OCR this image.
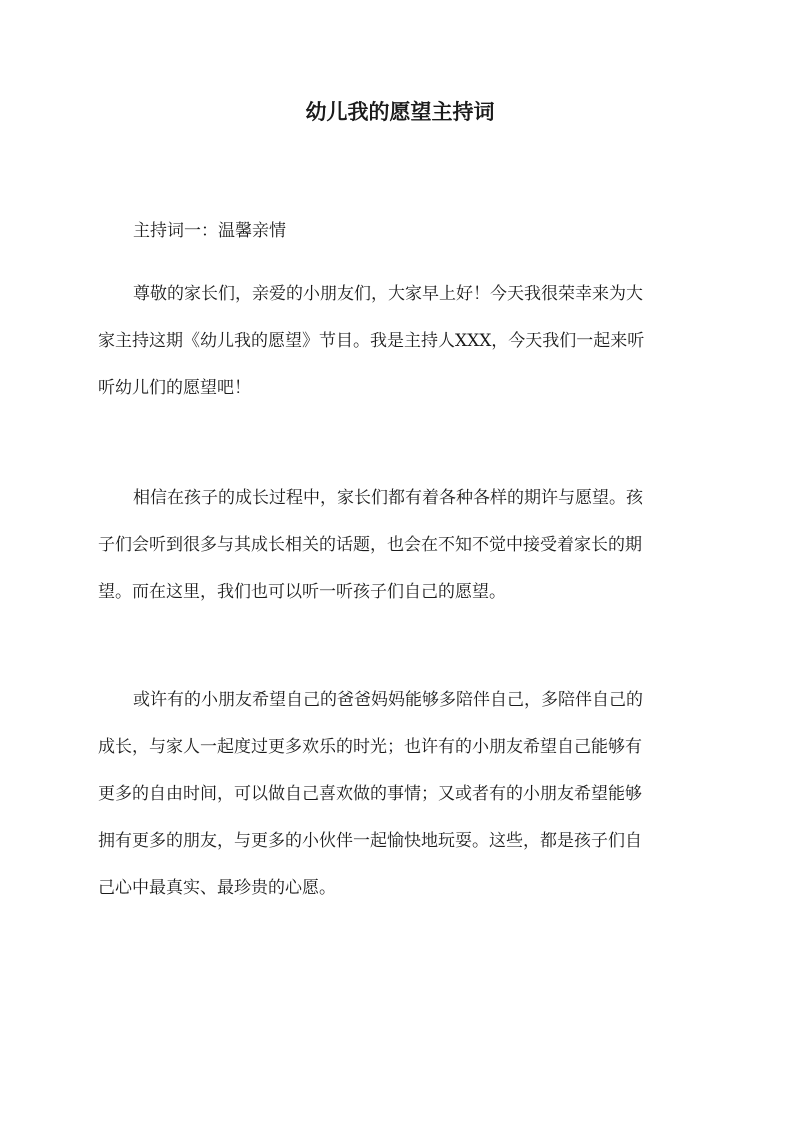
幼儿我的愿望主持词

主持词一：温馨亲情

尊敬的家长们，亲爱的小朋友们，大家早上好！今天我很荣幸来为大

家主持这期《幼儿我的愿望》节目。我是主持人XXX，今天我们一起来听

听幼儿们的愿望吧！

相信在孩子的成长过程中，家长们都有着各种各样的期许与愿望。孩

子们会听到很多与其成长相关的话题，也会在不知不觉中接受着家长的期

望。而在这里，我们也可以听一听孩子们自己的愿望。

或许有的小朋友希望自己的爸爸妈妈能够多陪伴自己，多陪伴自己的

成长，与家人一起度过更多欢乐的时光；也许有的小朋友希望自己能够有

更多的自由时间，可以做自己喜欢做的事情；又或者有的小朋友希望能够

拥有更多的朋友，与更多的小伙伴一起愉快地玩耍。这些，都是孩子们自

己心中最真实、最珍贵的心愿。
